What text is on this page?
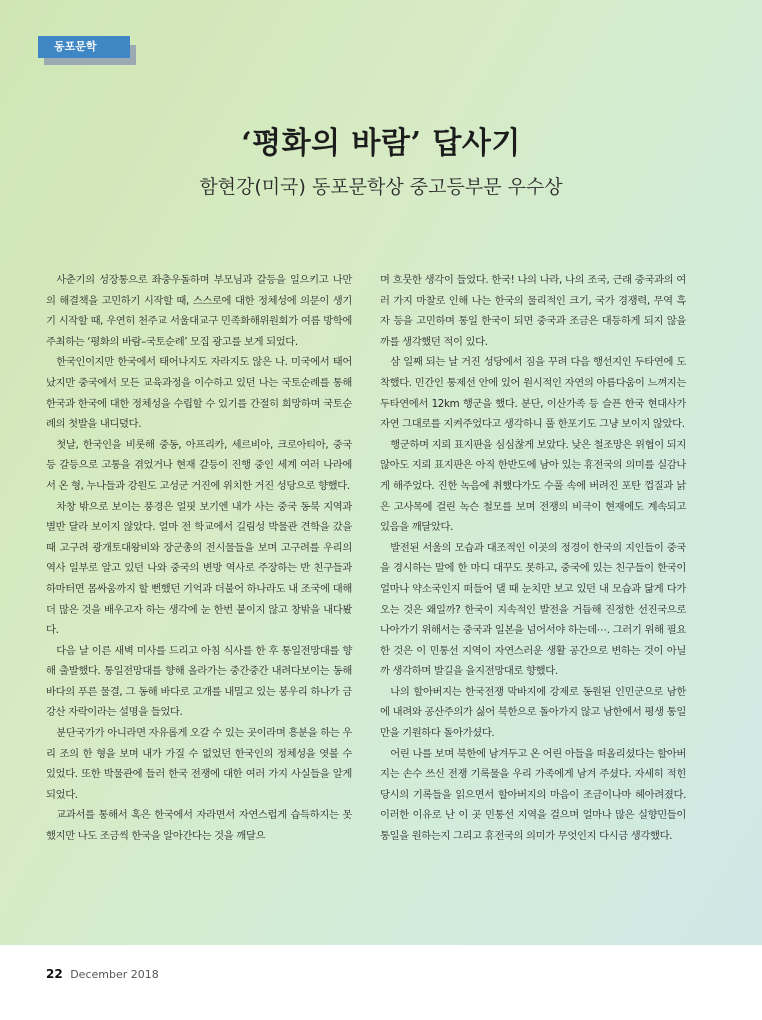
동포문학
‘평화의 바람’ 답사기
함현강(미국) 동포문학상 중고등부문 우수상

사춘기의 성장통으로 좌충우돌하며 부모님과 갈등을 일으키고 나만의 해결책을 고민하기 시작할 때, 스스로에 대한 정체성에 의문이 생기기 시작할 때, 우연히 천주교 서울대교구 민족화해위원회가 여름 방학에 주최하는 ‘평화의 바람–국토순례’ 모집 광고를 보게 되었다.

한국인이지만 한국에서 태어나지도 자라지도 않은 나. 미국에서 태어났지만 중국에서 모든 교육과정을 이수하고 있던 나는 국토순례를 통해 한국과 한국에 대한 정체성을 수립할 수 있기를 간절히 희망하며 국토순례의 첫발을 내디뎠다.

첫날, 한국인을 비롯해 중동, 아프리카, 세르비아, 크로아티아, 중국 등 갈등으로 고통을 겪었거나 현재 갈등이 진행 중인 세계 여러 나라에서 온 형, 누나들과 강원도 고성군 거진에 위치한 거진 성당으로 향했다.

차창 밖으로 보이는 풍경은 얼핏 보기엔 내가 사는 중국 동북 지역과 별반 달라 보이지 않았다. 얼마 전 학교에서 길림성 박물관 견학을 갔을 때 고구려 광개토대왕비와 장군총의 전시물들을 보며 고구려를 우리의 역사 일부로 알고 있던 나와 중국의 변방 역사로 주장하는 반 친구들과 하마터면 몸싸움까지 할 뻔했던 기억과 더불어 하나라도 내 조국에 대해 더 많은 것을 배우고자 하는 생각에 눈 한번 붙이지 않고 창밖을 내다봤다.

다음 날 이른 새벽 미사를 드리고 아침 식사를 한 후 통일전망대를 향해 출발했다. 통일전망대를 향해 올라가는 중간중간 내려다보이는 동해 바다의 푸른 물결, 그 동해 바다로 고개를 내밀고 있는 봉우리 하나가 금강산 자락이라는 설명을 들었다.

분단국가가 아니라면 자유롭게 오갈 수 있는 곳이라며 흥분을 하는 우리 조의 한 형을 보며 내가 가질 수 없었던 한국인의 정체성을 엿볼 수 있었다. 또한 박물관에 들러 한국 전쟁에 대한 여러 가지 사실들을 알게 되었다.

교과서를 통해서 혹은 한국에서 자라면서 자연스럽게 습득하지는 못했지만 나도 조금씩 한국을 알아간다는 것을 깨달으

며 흐뭇한 생각이 들었다. 한국! 나의 나라, 나의 조국, 근래 중국과의 여러 가지 마찰로 인해 나는 한국의 물리적인 크기, 국가 경쟁력, 무역 흑자 등을 고민하며 통일 한국이 되면 중국과 조금은 대등하게 되지 않을까를 생각했던 적이 있다.

삼 일째 되는 날 거진 성당에서 짐을 꾸려 다음 행선지인 두타연에 도착했다. 민간인 통제선 안에 있어 원시적인 자연의 아름다움이 느껴지는 두타연에서 12km 행군을 했다. 분단, 이산가족 등 슬픈 한국 현대사가 자연 그대로를 지켜주었다고 생각하니 풀 한포기도 그냥 보이지 않았다.

행군하며 지뢰 표지판을 심심찮게 보았다. 낮은 철조망은 위협이 되지 않아도 지뢰 표지판은 아직 한반도에 남아 있는 휴전국의 의미를 실감나게 해주었다. 진한 녹음에 취했다가도 수풀 속에 버려진 포탄 껍질과 낡은 고사목에 걸린 녹슨 철모를 보며 전쟁의 비극이 현재에도 계속되고 있음을 깨달았다.

발전된 서울의 모습과 대조적인 이곳의 정경이 한국의 지인들이 중국을 경시하는 말에 한 마디 대꾸도 못하고, 중국에 있는 친구들이 한국이 얼마나 약소국인지 떠들어 댈 때 눈치만 보고 있던 내 모습과 닮게 다가오는 것은 왜일까? 한국이 지속적인 발전을 거듭해 진정한 선진국으로 나아가기 위해서는 중국과 일본을 넘어서야 하는데⋯. 그러기 위해 필요한 것은 이 민통선 지역이 자연스러운 생활 공간으로 변하는 것이 아닐까 생각하며 발길을 을지전망대로 향했다.

나의 할아버지는 한국전쟁 막바지에 강제로 동원된 인민군으로 남한에 내려와 공산주의가 싫어 북한으로 돌아가지 않고 남한에서 평생 통일만을 기원하다 돌아가셨다.

어린 나를 보며 북한에 남겨두고 온 어린 아들을 떠올리셨다는 할아버지는 손수 쓰신 전쟁 기록물을 우리 가족에게 남겨 주셨다. 자세히 적힌 당시의 기록들을 읽으면서 할아버지의 마음이 조금이나마 헤아려졌다. 이러한 이유로 난 이 곳 민통선 지역을 걸으며 얼마나 많은 실향민들이 통일을 원하는지 그리고 휴전국의 의미가 무엇인지 다시금 생각했다.

22 December 2018
